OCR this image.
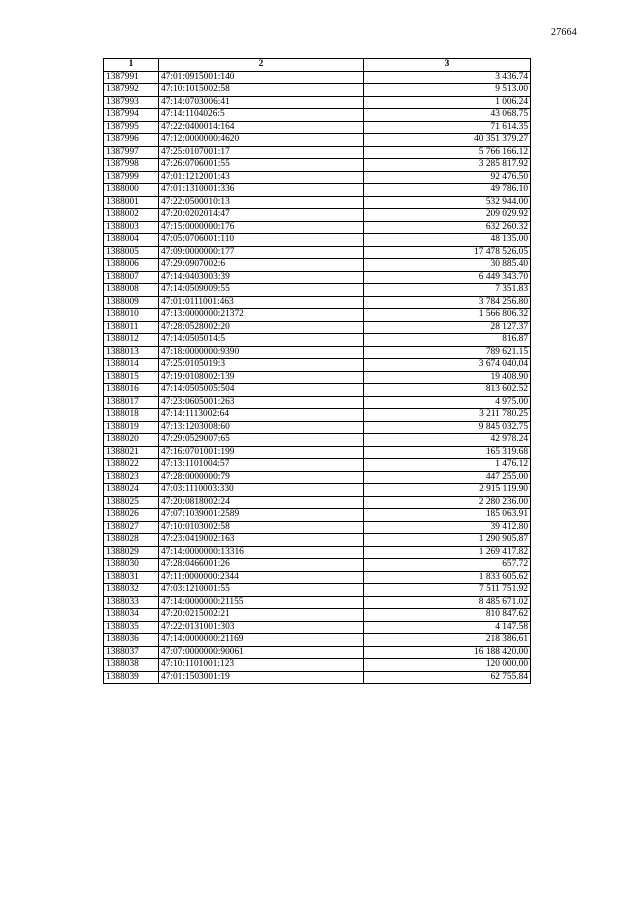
27664
1	2	3
1387991	47:01:0915001:140	3 436.74
1387992	47:10:1015002:58	9 513.00
1387993	47:14:0703006:41	1 006.24
1387994	47:14:1104026:5	43 068.75
1387995	47:22:0400014:164	71 614.35
1387996	47:12:0000000:4620	40 351 379.27
1387997	47:25:0107001:17	5 766 166.12
1387998	47:26:0706001:55	3 285 817.92
1387999	47:01:1212001:43	92 476.50
1388000	47:01:1310001:336	49 786.10
1388001	47:22:0500010:13	532 944.00
1388002	47:20:0202014:47	209 029.92
1388003	47:15:0000000:176	632 260.32
1388004	47:05:0706001:110	48 135.00
1388005	47:09:0000000:177	17 478 526.05
1388006	47:29:0907002:6	30 885.40
1388007	47:14:0403003:39	6 449 343.70
1388008	47:14:0509009:55	7 351.83
1388009	47:01:0111001:463	3 784 256.80
1388010	47:13:0000000:21372	1 566 806.32
1388011	47:28:0528002:20	28 127.37
1388012	47:14:0505014:5	816.87
1388013	47:18:0000000:9390	789 621.15
1388014	47:25:0105019:3	3 674 040.04
1388015	47:19:0108002:139	19 408.90
1388016	47:14:0505005:504	813 602.52
1388017	47:23:0605001:263	4 975.00
1388018	47:14:1113002:64	3 211 780.25
1388019	47:13:1203008:60	9 845 032.75
1388020	47:29:0529007:65	42 978.24
1388021	47:16:0701001:199	165 319.68
1388022	47:13:1101004:57	1 476.12
1388023	47:28:0000000:79	447 255.00
1388024	47:03:1110003:330	2 915 119.90
1388025	47:20:0818002:24	2 280 236.00
1388026	47:07:1039001:2589	185 063.91
1388027	47:10:0103002:58	39 412.80
1388028	47:23:0419002:163	1 290 905.87
1388029	47:14:0000000:13316	1 269 417.82
1388030	47:28:0466001:26	657.72
1388031	47:11:0000000:2344	1 833 605.62
1388032	47:03:1210001:55	7 511 751.92
1388033	47:14:0000000:21155	8 485 671.02
1388034	47:20:0215002:21	810 847.62
1388035	47:22:0131001:303	4 147.58
1388036	47:14:0000000:21169	218 386.61
1388037	47:07:0000000:90061	16 188 420.00
1388038	47:10:1101001:123	120 000.00
1388039	47:01:1503001:19	62 755.84
